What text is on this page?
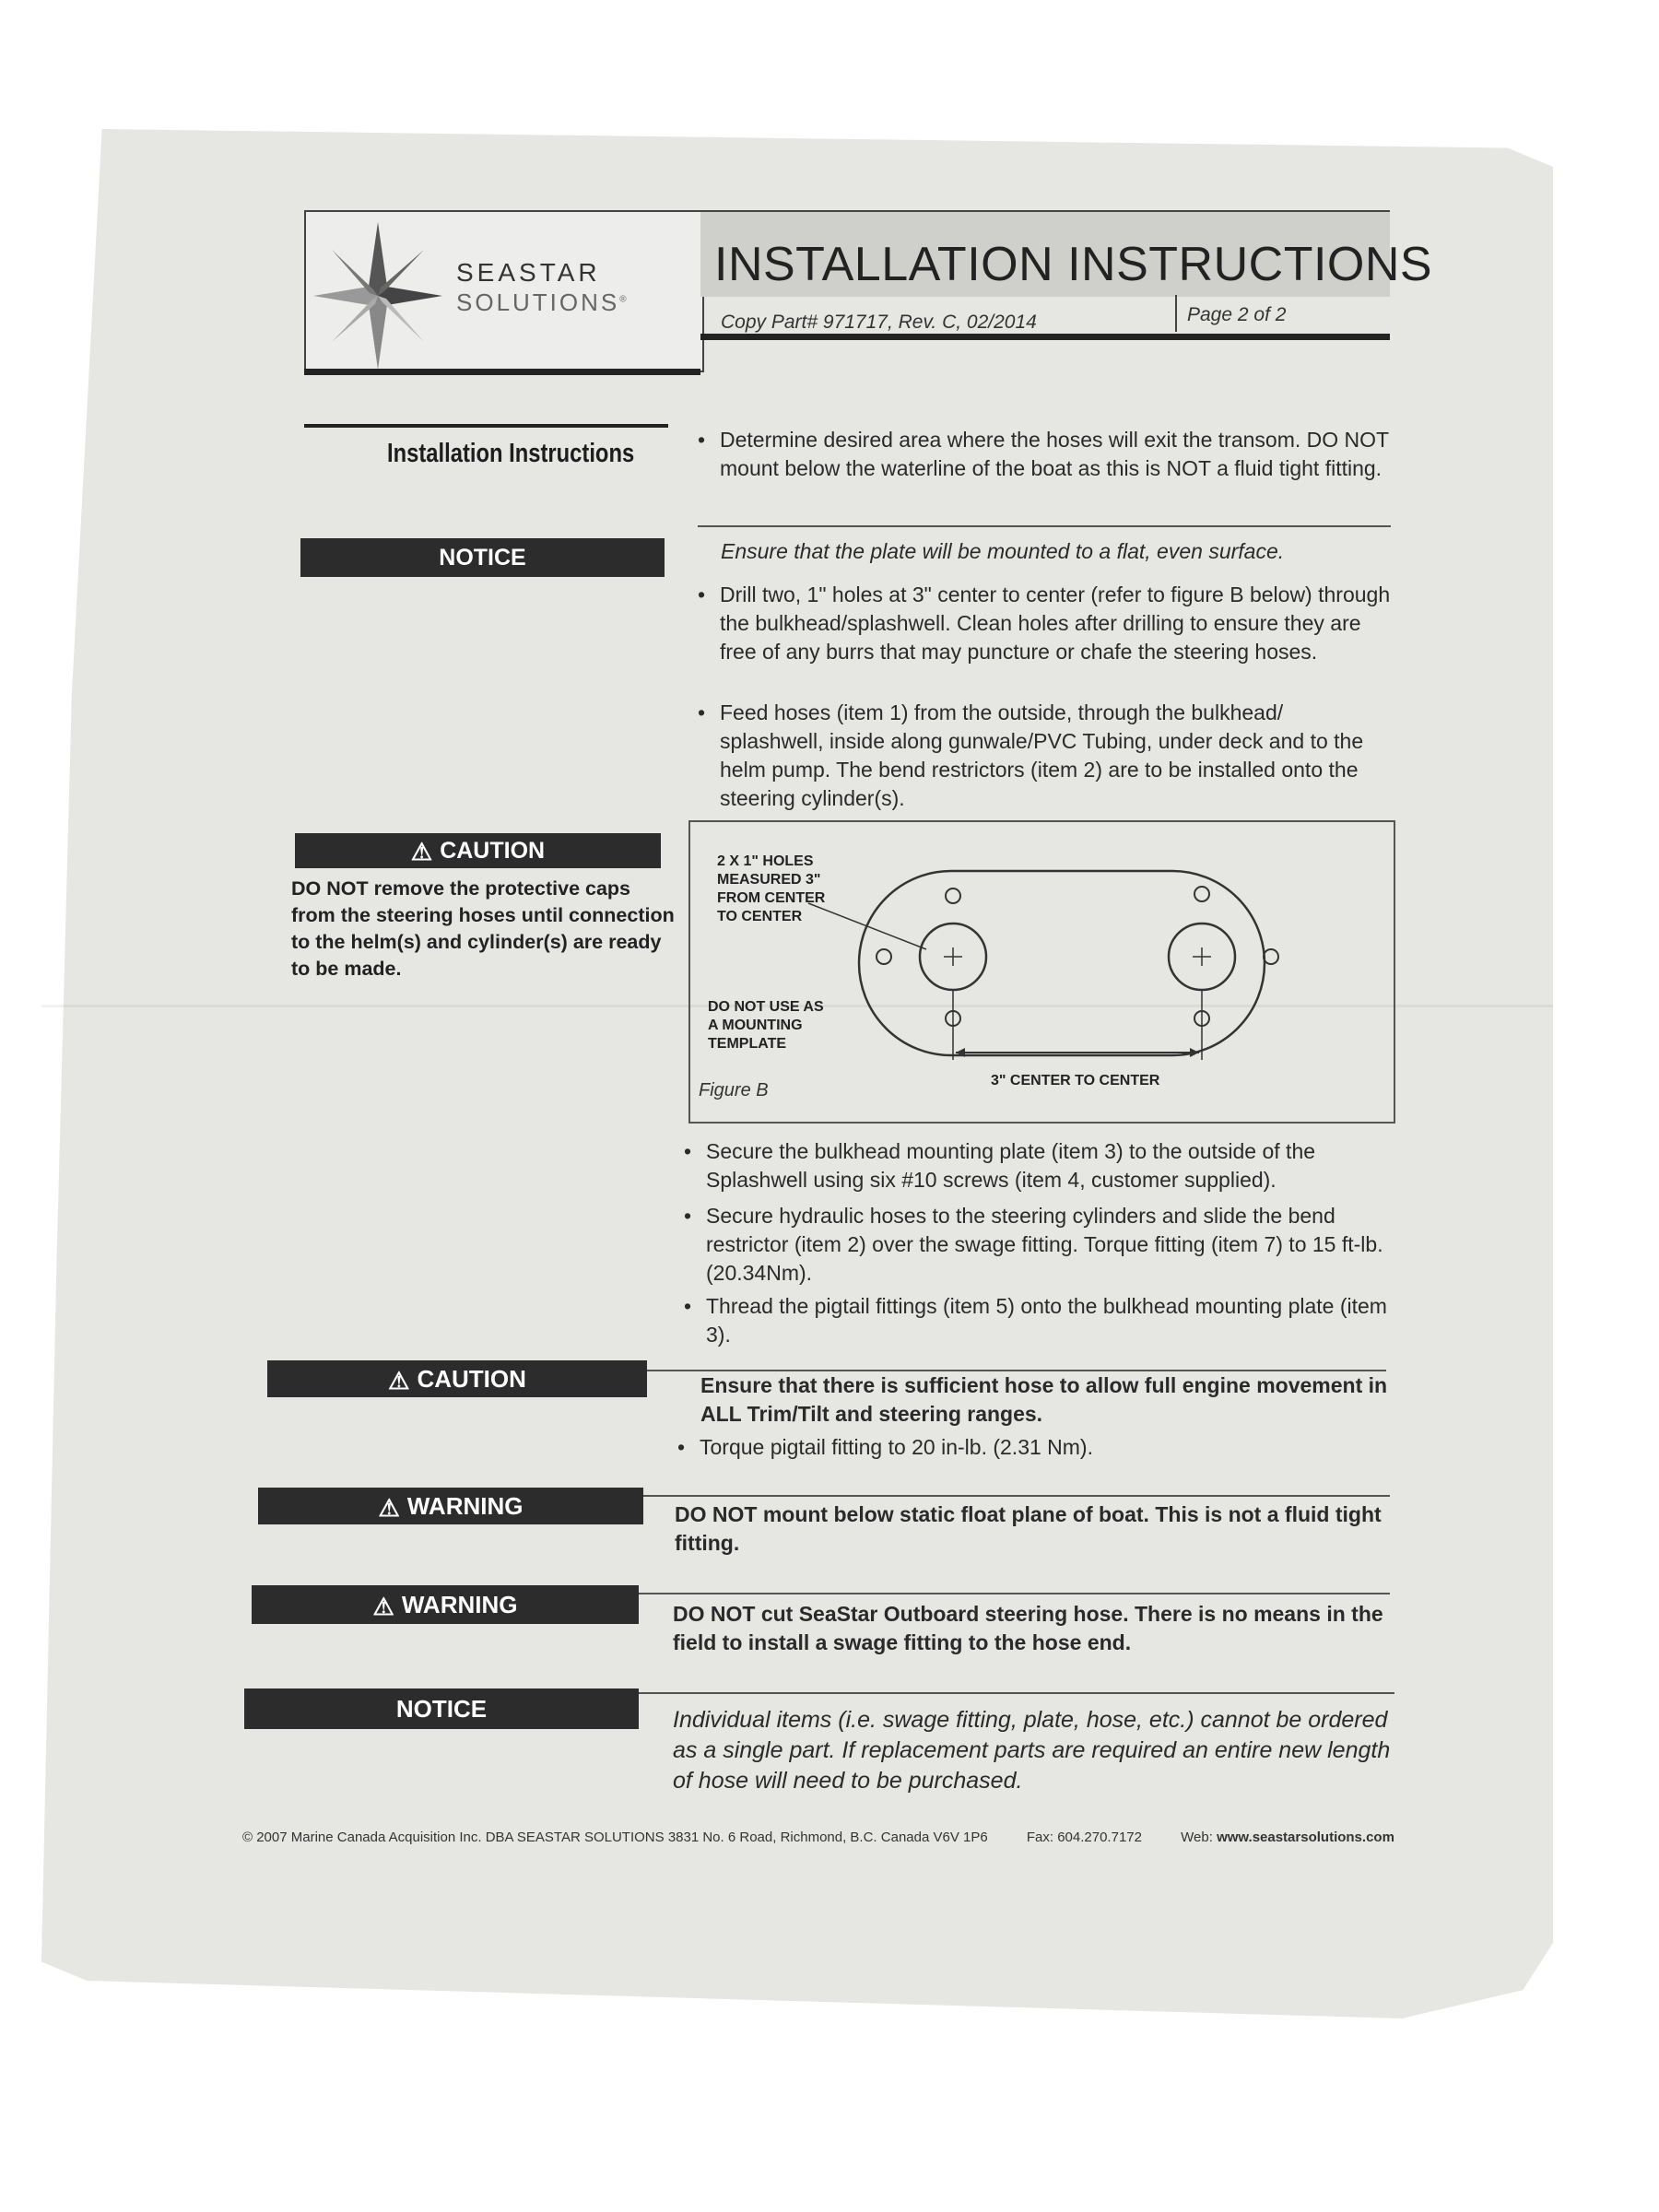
SEASTAR
SOLUTIONS®
INSTALLATION INSTRUCTIONS
Copy Part# 971717, Rev. C, 02/2014	Page 2 of 2
Installation Instructions	• Determine desired area where the hoses will exit the transom. DO NOT mount below the waterline of the boat as this is NOT a fluid tight fitting.
NOTICE	Ensure that the plate will be mounted to a flat, even surface.
• Drill two, 1" holes at 3" center to center (refer to figure B below) through the bulkhead/splashwell. Clean holes after drilling to ensure they are free of any burrs that may puncture or chafe the steering hoses.
• Feed hoses (item 1) from the outside, through the bulkhead/ splashwell, inside along gunwale/PVC Tubing, under deck and to the helm pump. The bend restrictors (item 2) are to be installed onto the steering cylinder(s).
⚠ CAUTION
DO NOT remove the protective caps from the steering hoses until connection to the helm(s) and cylinder(s) are ready to be made.
2 X 1" HOLES MEASURED 3" FROM CENTER TO CENTER
DO NOT USE AS A MOUNTING TEMPLATE
3" CENTER TO CENTER
Figure B
• Secure the bulkhead mounting plate (item 3) to the outside of the Splashwell using six #10 screws (item 4, customer supplied).
• Secure hydraulic hoses to the steering cylinders and slide the bend restrictor (item 2) over the swage fitting. Torque fitting (item 7) to 15 ft-lb. (20.34Nm).
• Thread the pigtail fittings (item 5) onto the bulkhead mounting plate (item 3).
⚠ CAUTION	Ensure that there is sufficient hose to allow full engine movement in ALL Trim/Tilt and steering ranges.
• Torque pigtail fitting to 20 in-lb. (2.31 Nm).
⚠ WARNING	DO NOT mount below static float plane of boat. This is not a fluid tight fitting.
⚠ WARNING	DO NOT cut SeaStar Outboard steering hose. There is no means in the field to install a swage fitting to the hose end.
NOTICE	Individual items (i.e. swage fitting, plate, hose, etc.) cannot be ordered as a single part. If replacement parts are required an entire new length of hose will need to be purchased.
© 2007 Marine Canada Acquisition Inc. DBA SEASTAR SOLUTIONS 3831 No. 6 Road, Richmond, B.C. Canada V6V 1P6	Fax: 604.270.7172	Web: www.seastarsolutions.com
